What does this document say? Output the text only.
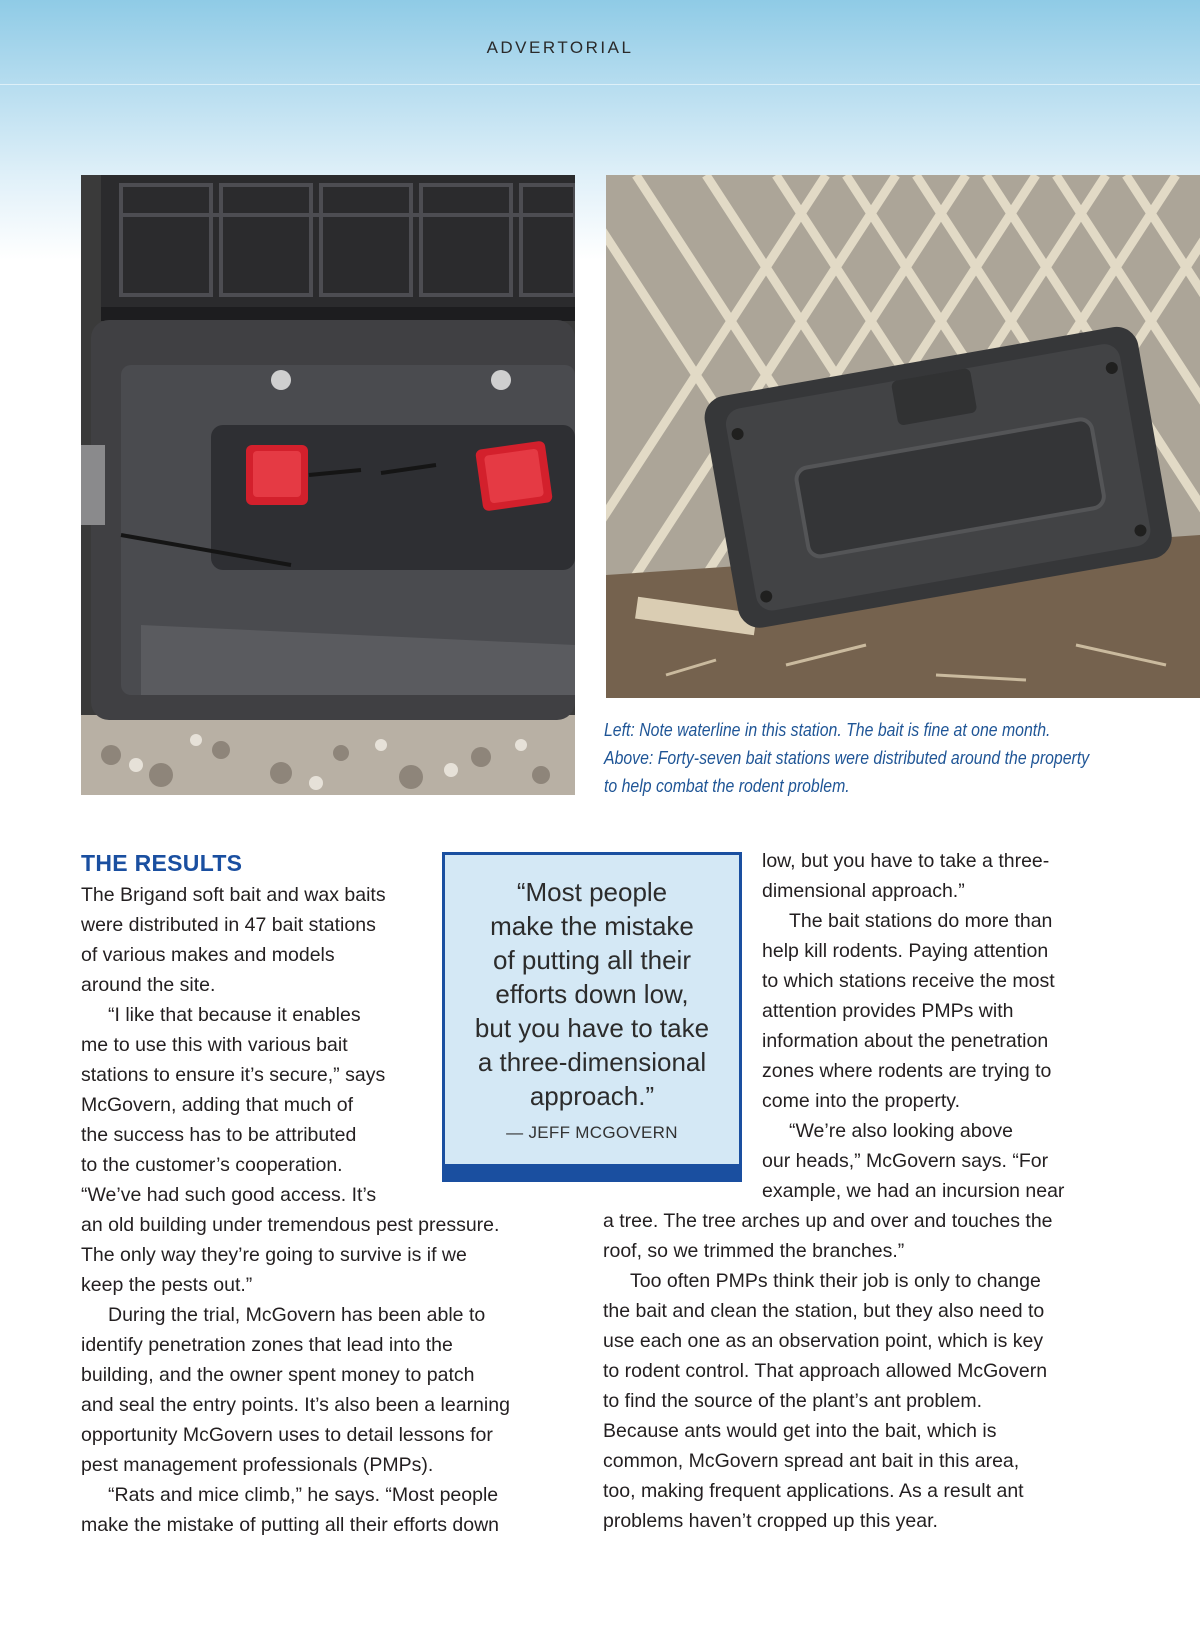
ADVERTORIAL
Left: Note waterline in this station. The bait is fine at one month.
Above: Forty-seven bait stations were distributed around the property
to help combat the rodent problem.
THE RESULTS
“Most people
make the mistake
of putting all their
efforts down low,
but you have to take
a three-dimensional
approach.”
— JEFF MCGOVERN
The Brigand soft bait and wax baits
were distributed in 47 bait stations
of various makes and models
around the site.
“I like that because it enables
me to use this with various bait
stations to ensure it’s secure,” says
McGovern, adding that much of
the success has to be attributed
to the customer’s cooperation.
“We’ve had such good access. It’s
an old building under tremendous pest pressure.
The only way they’re going to survive is if we
keep the pests out.”
During the trial, McGovern has been able to
identify penetration zones that lead into the
building, and the owner spent money to patch
and seal the entry points. It’s also been a learning
opportunity McGovern uses to detail lessons for
pest management professionals (PMPs).
“Rats and mice climb,” he says. “Most people
make the mistake of putting all their efforts down
low, but you have to take a three-
dimensional approach.”
The bait stations do more than
help kill rodents. Paying attention
to which stations receive the most
attention provides PMPs with
information about the penetration
zones where rodents are trying to
come into the property.
“We’re also looking above
our heads,” McGovern says. “For
example, we had an incursion near
a tree. The tree arches up and over and touches the
roof, so we trimmed the branches.”
Too often PMPs think their job is only to change
the bait and clean the station, but they also need to
use each one as an observation point, which is key
to rodent control. That approach allowed McGovern
to find the source of the plant’s ant problem.
Because ants would get into the bait, which is
common, McGovern spread ant bait in this area,
too, making frequent applications. As a result ant
problems haven’t cropped up this year.
